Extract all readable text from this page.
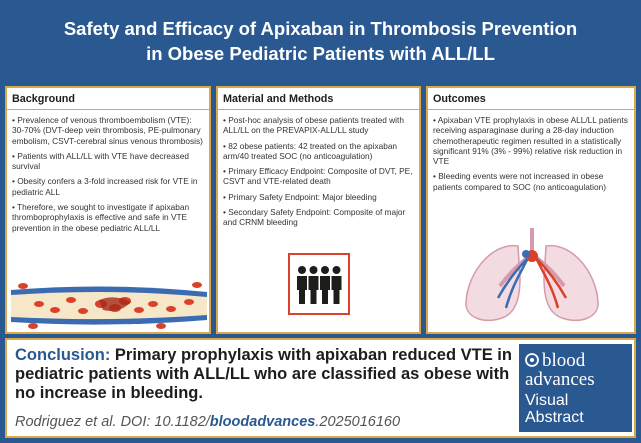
Safety and Efficacy of Apixaban in Thrombosis Prevention
in Obese Pediatric Patients with ALL/LL
Background
• Prevalence of venous thromboembolism (VTE): 30-70% (DVT-deep vein thrombosis, PE-pulmonary embolism, CSVT-cerebral sinus venous thrombosis)
• Patients with ALL/LL with VTE have decreased survival
• Obesity confers a 3-fold increased risk for VTE in pediatric ALL
• Therefore, we sought to investigate if apixaban thromboprophylaxis is effective and safe in VTE prevention in the obese pediatric ALL/LL
Material and Methods
• Post-hoc analysis of obese patients treated with ALL/LL on the PREVAPIX-ALL/LL study
• 82 obese patients: 42 treated on the apixaban arm/40 treated SOC (no anticoagulation)
• Primary Efficacy Endpoint: Composite of DVT, PE, CSVT and VTE-related death
• Primary Safety Endpoint: Major bleeding
• Secondary Safety Endpoint: Composite of major and CRNM bleeding
Outcomes
• Apixaban VTE prophylaxis in obese ALL/LL patients receiving asparaginase during a 28-day induction chemotherapeutic regimen resulted in a statistically significant 91% (3% - 99%) relative risk reduction in VTE
• Bleeding events were not increased in obese patients compared to SOC (no anticoagulation)
Conclusion: Primary prophylaxis with apixaban reduced VTE in pediatric patients with ALL/LL who are classified as obese with no increase in bleeding.
Rodriguez et al. DOI: 10.1182/bloodadvances.2025016160
blood
advances
Visual
Abstract
